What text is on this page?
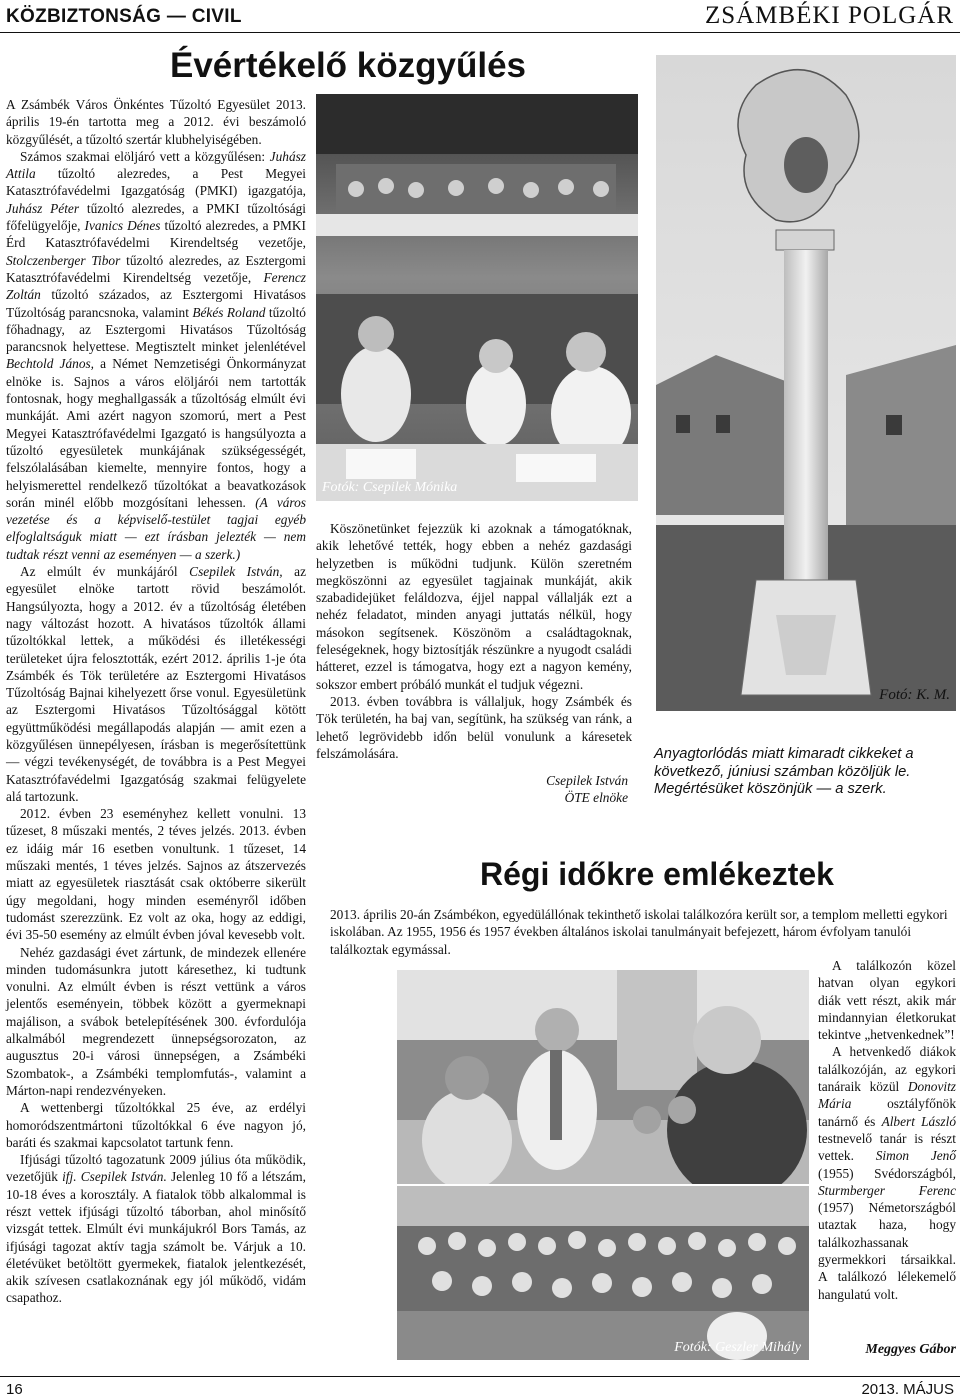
KÖZBIZTONSÁG — CIVIL	ZSÁMBÉKI POLGÁR
Évértékelő közgyűlés

A Zsámbék Város Önkéntes Tűzoltó Egyesület 2013. április 19-én tartotta meg a 2012. évi beszámoló közgyűlését, a tűzoltó szertár klubhelyiségében.

Számos szakmai elöljáró vett a közgyűlésen: Juhász Attila tűzoltó alezredes, a Pest Megyei Katasztrófavédelmi Igazgatóság (PMKI) igazgatója, Juhász Péter tűzoltó alezredes, a PMKI tűzoltósági főfelügyelője, Ivanics Dénes tűzoltó alezredes, a PMKI Érd Katasztrófavédelmi Kirendeltség vezetője, Stolczenberger Tibor tűzoltó alezredes, az Esztergomi Katasztrófavédelmi Kirendeltség vezetője, Ferencz Zoltán tűzoltó százados, az Esztergomi Hivatásos Tűzoltóság parancsnoka, valamint Békés Roland tűzoltó főhadnagy, az Esztergomi Hivatásos Tűzoltóság parancsnok helyettese. Megtisztelt minket jelenlétével Bechtold János, a Német Nemzetiségi Önkormányzat elnöke is. Sajnos a város elöljárói nem tartották fontosnak, hogy meghallgassák a tűzoltóság elmúlt évi munkáját. Ami azért nagyon szomorú, mert a Pest Megyei Katasztrófavédelmi Igazgató is hangsúlyozta a tűzoltó egyesületek munkájának szükségességét, felszólalásában kiemelte, mennyire fontos, hogy a helyismerettel rendelkező tűzoltókat a beavatkozások során minél előbb mozgósítani lehessen. (A város vezetése és a képviselő-testület tagjai egyéb elfoglaltságuk miatt — ezt írásban jelezték — nem tudtak részt venni az eseményen — a szerk.)

Az elmúlt év munkájáról Csepilek István, az egyesület elnöke tartott rövid beszámolót. Hangsúlyozta, hogy a 2012. év a tűzoltóság életében nagy változást hozott. A hivatásos tűzoltók állami tűzoltókkal lettek, a működési és illetékességi területeket újra felosztották, ezért 2012. április 1-je óta Zsámbék és Tök területére az Esztergomi Hivatásos Tűzoltóság Bajnai kihelyezett őrse vonul. Egyesületünk az Esztergomi Hivatásos Tűzoltósággal kötött együttműködési megállapodás alapján — amit ezen a közgyűlésen ünnepélyesen, írásban is megerősítettünk — végzi tevékenységét, de továbbra is a Pest Megyei Katasztrófavédelmi Igazgatóság szakmai felügyelete alá tartozunk.

2012. évben 23 eseményhez kellett vonulni. 13 tűzeset, 8 műszaki mentés, 2 téves jelzés. 2013. évben ez idáig már 16 esetben vonultunk. 1 tűzeset, 14 műszaki mentés, 1 téves jelzés. Sajnos az átszervezés miatt az egyesületek riasztását csak októberre sikerült úgy megoldani, hogy minden eseményről időben tudomást szerezzünk. Ez volt az oka, hogy az eddigi, évi 35-50 esemény az elmúlt évben jóval kevesebb volt.

Nehéz gazdasági évet zártunk, de mindezek ellenére minden tudomásunkra jutott káresethez, ki tudtunk vonulni. Az elmúlt évben is részt vettünk a város jelentős eseményein, többek között a gyermeknapi majálison, a svábok betelepítésének 300. évfordulója alkalmából megrendezett ünnepségsorozaton, az augusztus 20-i városi ünnepségen, a Zsámbéki Szombatok-, a Zsámbéki templomfutás-, valamint a Márton-napi rendezvényeken.

A wettenbergi tűzoltókkal 25 éve, az erdélyi homoródszentmártoni tűzoltókkal 6 éve nagyon jó, baráti és szakmai kapcsolatot tartunk fenn.

Ifjúsági tűzoltó tagozatunk 2009 július óta működik, vezetőjük ifj. Csepilek István. Jelenleg 10 fő a létszám, 10-18 éves a korosztály. A fiatalok több alkalommal is részt vettek ifjúsági tűzoltó táborban, ahol minősítő vizsgát tettek. Elmúlt évi munkájukról Bors Tamás, az ifjúsági tagozat aktív tagja számolt be. Várjuk a 10. életévüket betöltött gyermekek, fiatalok jelentkezését, akik szívesen csatlakoznának egy jól működő, vidám csapathoz.

Fotók: Csepilek Mónika

Köszönetünket fejezzük ki azoknak a támogatóknak, akik lehetővé tették, hogy ebben a nehéz gazdasági helyzetben is működni tudjunk. Külön szeretném megköszönni az egyesület tagjainak munkáját, akik szabadidejüket feláldozva, éjjel nappal vállalják ezt a nehéz feladatot, minden anyagi juttatás nélkül, hogy másokon segítsenek. Köszönöm a családtagoknak, feleségeknek, hogy biztosítják részünkre a nyugodt családi hátteret, ezzel is támogatva, hogy ezt a nagyon kemény, sokszor embert próbáló munkát el tudjuk végezni.

2013. évben továbbra is vállaljuk, hogy Zsámbék és Tök területén, ha baj van, segítünk, ha szükség van ránk, a lehető legrövidebb időn belül vonulunk a káresetek felszámolására.

Csepilek István
ÖTE elnöke
Fotó: K. M.
Anyagtorlódás miatt kimaradt cikkeket a következő, júniusi számban közöljük le. Megértésüket köszönjük — a szerk.
Régi időkre emlékeztek

2013. április 20-án Zsámbékon, egyedülállónak tekinthető iskolai találkozóra került sor, a templom melletti egykori iskolában. Az 1955, 1956 és 1957 években általános iskolai tanulmányait befejezett, három évfolyam tanulói találkoztak egymással.

Fotók: Geszler Mihály

A találkozón közel hatvan olyan egykori diák vett részt, akik már mindannyian életkorukat tekintve „hetvenkednek”!

A hetvenkedő diákok találkozóján, az egykori tanáraik közül Donovitz Mária osztályfőnök tanárnő és Albert László testnevelő tanár is részt vettek. Simon Jenő (1955) Svédországból, Sturmberger Ferenc (1957) Németországból utaztak haza, hogy találkozhassanak gyermekkori társaikkal. A találkozó lélekemelő hangulatú volt.

Meggyes Gábor
16	2013. MÁJUS
